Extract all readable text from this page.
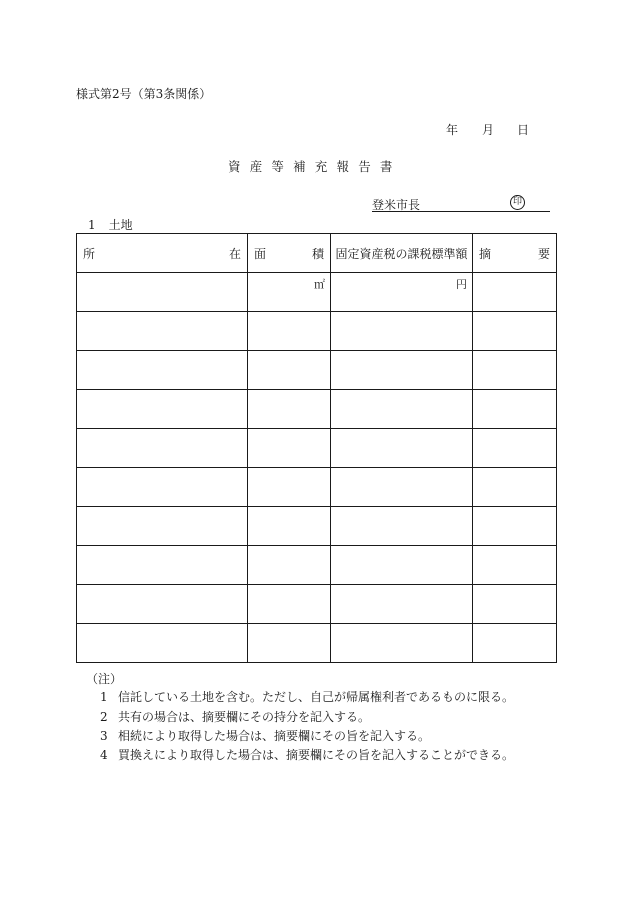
様式第2号（第3条関係）
年 月 日
資産等補充報告書
登米市長	印
1 土地
所 在	面 積	固定資産税の課税標準額	摘 要

	㎡	円	

（注）
1 信託している土地を含む。ただし、自己が帰属権利者であるものに限る。
2 共有の場合は、摘要欄にその持分を記入する。
3 相続により取得した場合は、摘要欄にその旨を記入する。
4 買換えにより取得した場合は、摘要欄にその旨を記入することができる。
